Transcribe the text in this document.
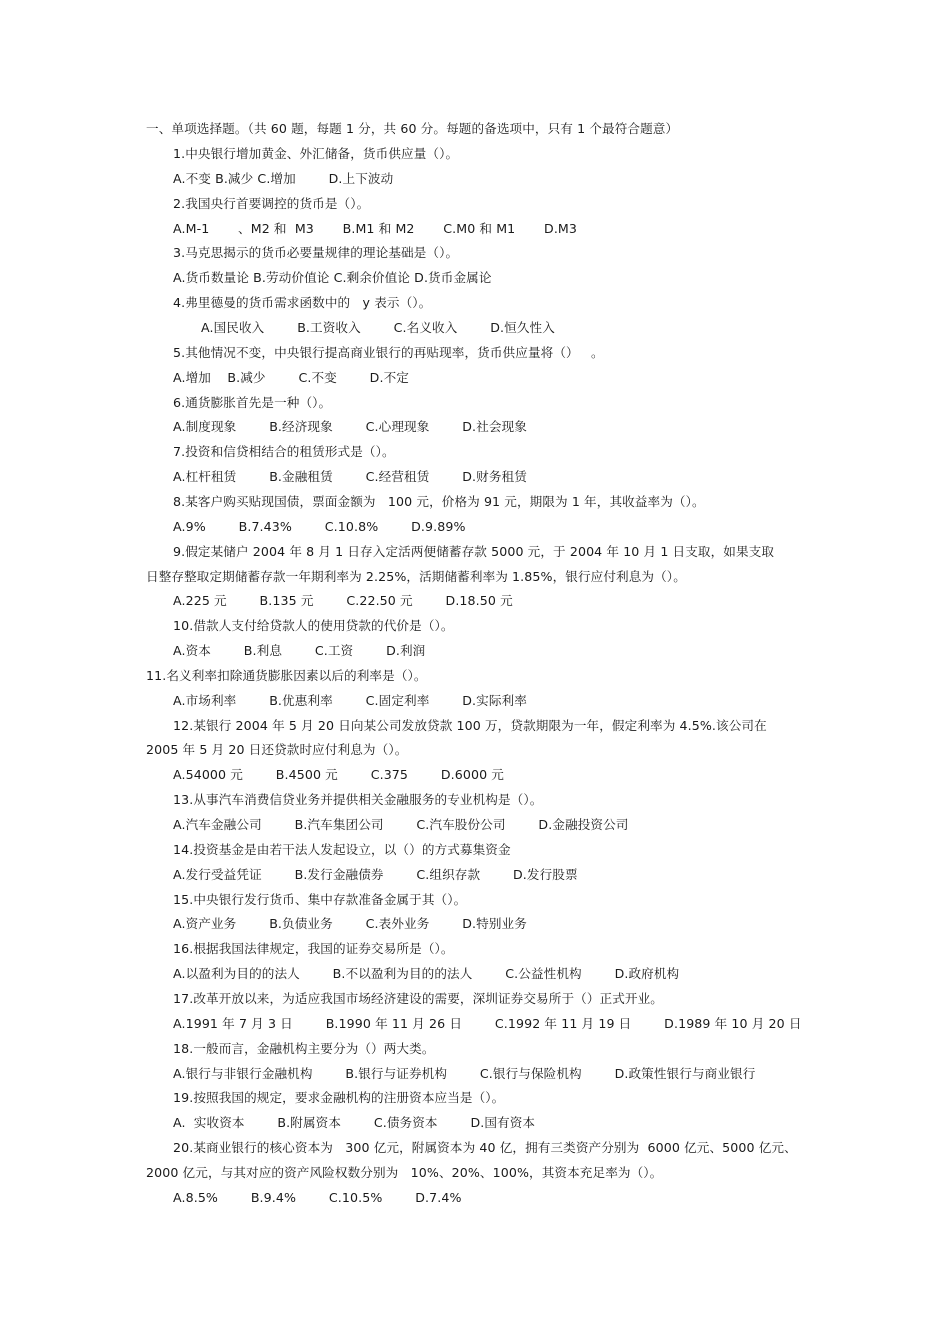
一、单项选择题。（共 60 题，每题 1 分，共 60 分。每题的备选项中，只有 1 个最符合题意）
1.中央银行增加黄金、外汇储备，货币供应量（）。
A.不变 B.减少 C.增加        D.上下波动
2.我国央行首要调控的货币是（）。
A.M-1       、M2 和  M3       B.M1 和 M2       C.M0 和 M1       D.M3
3.马克思揭示的货币必要量规律的理论基础是（）。
A.货币数量论 B.劳动价值论 C.剩余价值论 D.货币金属论
4.弗里德曼的货币需求函数中的   y 表示（）。
A.国民收入        B.工资收入        C.名义收入        D.恒久性入
5.其他情况不变，中央银行提高商业银行的再贴现率，货币供应量将（）   。
A.增加    B.减少        C.不变        D.不定
6.通货膨胀首先是一种（）。
A.制度现象        B.经济现象        C.心理现象        D.社会现象
7.投资和信贷相结合的租赁形式是（）。
A.杠杆租赁        B.金融租赁        C.经营租赁        D.财务租赁
8.某客户购买贴现国债，票面金额为   100 元，价格为 91 元，期限为 1 年，其收益率为（）。
A.9%        B.7.43%        C.10.8%        D.9.89%
9.假定某储户 2004 年 8 月 1 日存入定活两便储蓄存款 5000 元，于 2004 年 10 月 1 日支取，如果支取
日整存整取定期储蓄存款一年期利率为 2.25%，活期储蓄利率为 1.85%，银行应付利息为（）。
A.225 元        B.135 元        C.22.50 元        D.18.50 元
10.借款人支付给贷款人的使用贷款的代价是（）。
A.资本        B.利息        C.工资        D.利润
11.名义利率扣除通货膨胀因素以后的利率是（）。
A.市场利率        B.优惠利率        C.固定利率        D.实际利率
12.某银行 2004 年 5 月 20 日向某公司发放贷款 100 万，贷款期限为一年，假定利率为 4.5%.该公司在
2005 年 5 月 20 日还贷款时应付利息为（）。
A.54000 元        B.4500 元        C.375        D.6000 元
13.从事汽车消费信贷业务并提供相关金融服务的专业机构是（）。
A.汽车金融公司        B.汽车集团公司        C.汽车股份公司        D.金融投资公司
14.投资基金是由若干法人发起设立，以（）的方式募集资金
A.发行受益凭证        B.发行金融债券        C.组织存款        D.发行股票
15.中央银行发行货币、集中存款准备金属于其（）。
A.资产业务        B.负债业务        C.表外业务        D.特别业务
16.根据我国法律规定，我国的证券交易所是（）。
A.以盈利为目的的法人        B.不以盈利为目的的法人        C.公益性机构        D.政府机构
17.改革开放以来，为适应我国市场经济建设的需要，深圳证券交易所于（）正式开业。
A.1991 年 7 月 3 日        B.1990 年 11 月 26 日        C.1992 年 11 月 19 日        D.1989 年 10 月 20 日
18.一般而言，金融机构主要分为（）两大类。
A.银行与非银行金融机构        B.银行与证券机构        C.银行与保险机构        D.政策性银行与商业银行
19.按照我国的规定，要求金融机构的注册资本应当是（）。
A.  实收资本        B.附属资本        C.债务资本        D.国有资本
20.某商业银行的核心资本为   300 亿元，附属资本为 40 亿，拥有三类资产分别为  6000 亿元、5000 亿元、
2000 亿元，与其对应的资产风险权数分别为   10%、20%、100%，其资本充足率为（）。
A.8.5%        B.9.4%        C.10.5%        D.7.4%
